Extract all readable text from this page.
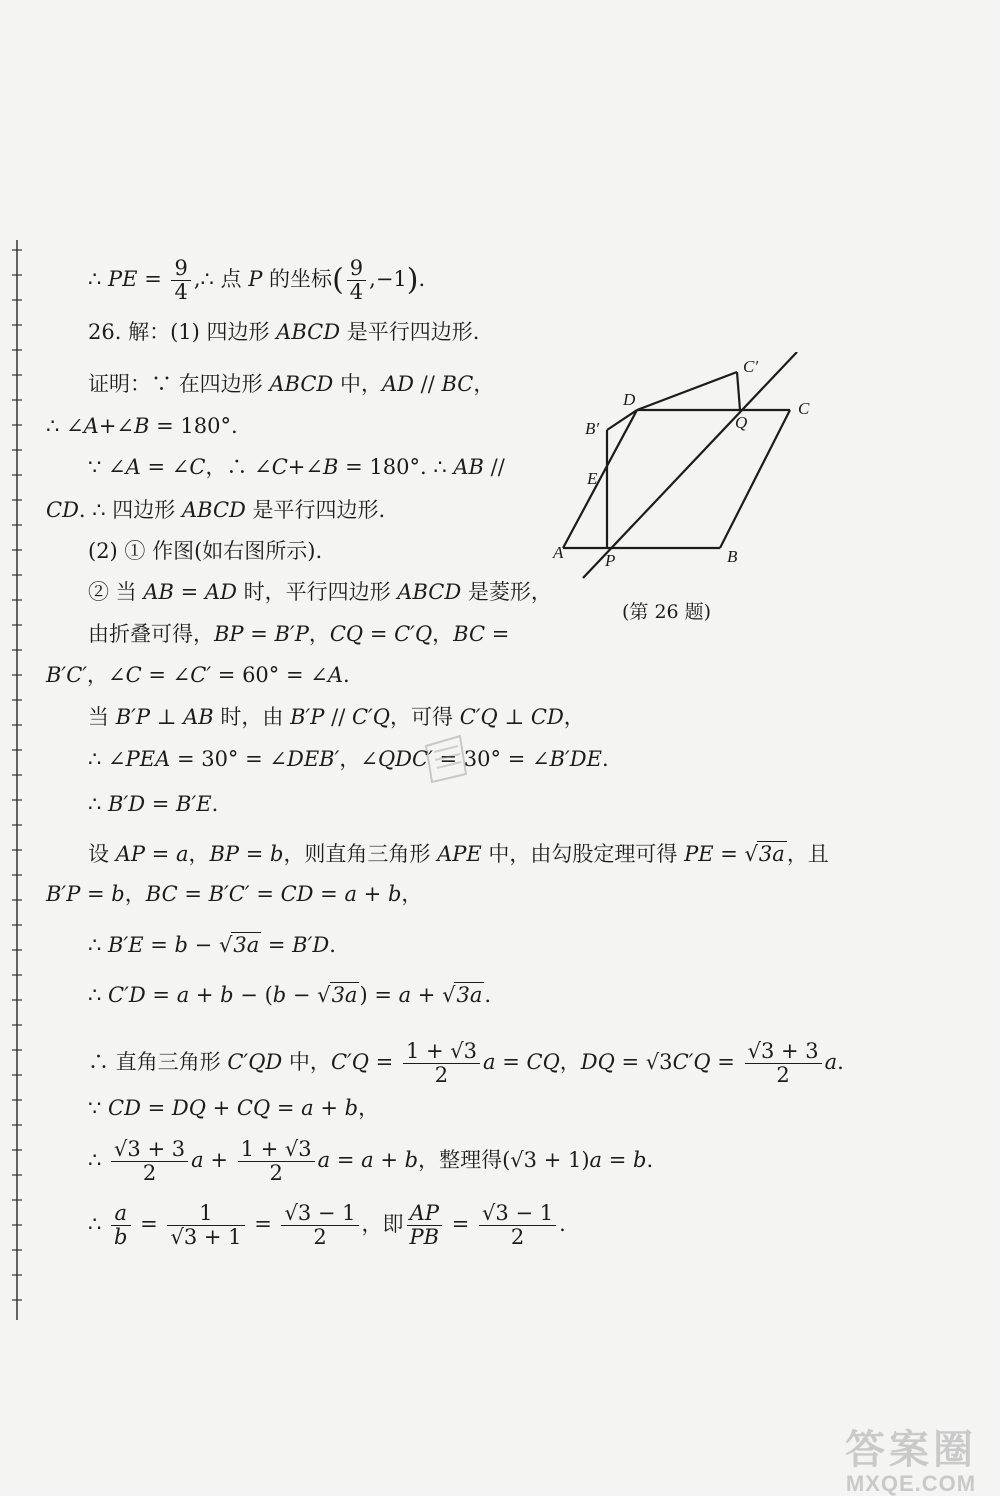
∴ PE = $\frac{9}{4}$ ,∴ 点 P 的坐标( $\frac{9}{4} ,-1$).
26. 解：(1) 四边形 ABCD 是平行四边形.
证明：∵ 在四边形 ABCD 中，AD // BC，
∴ ∠A+∠B = 180°.
∵ ∠A = ∠C，∴ ∠C+∠B = 180°. ∴ AB //
CD. ∴ 四边形 ABCD 是平行四边形.
(2) ① 作图(如右图所示).
② 当 AB = AD 时，平行四边形 ABCD 是菱形，
由折叠可得，BP = B′P，CQ = C′Q，BC =
B′C′，∠C = ∠C′ = 60° = ∠A.
当 B′P ⊥ AB 时，由 B′P // C′Q，可得 C′Q ⊥ CD，
∴ ∠PEA = 30° = ∠DEB′，∠QDC′ = 30° = ∠B′DE.
∴ B′D = B′E.
设 AP = a，BP = b，则直角三角形 APE 中，由勾股定理可得 PE = √3a，且
B′P = b，BC = B′C′ = CD = a + b，
∴ B′E = b − √3a = B′D.
∴ C′D = a + b − (b − √3a) = a + √3a.
∴ 直角三角形 C′QD 中，$C'Q = \frac{1 + √3}{2}$ a = CQ，DQ = $√3C'Q = \frac{√3 + 3}{2} a$.
∵ CD = DQ + CQ = a + b，
∴ $\frac{√3 + 3}{2}$ $a + \frac{1 + √3}{2}$ a = a + b，整理得(√3 + 1)a = b.
∴ $\frac{a}{b} = \frac{1}{√3 + 1} = \frac{√3 - 1}{2}$ ，即 $\frac{AP}{PB} = \frac{√3 - 1}{2}$ .
C′
D	C
B′	Q
E
A P	B
(第 26 题)
答案圈
MXQE.COM
